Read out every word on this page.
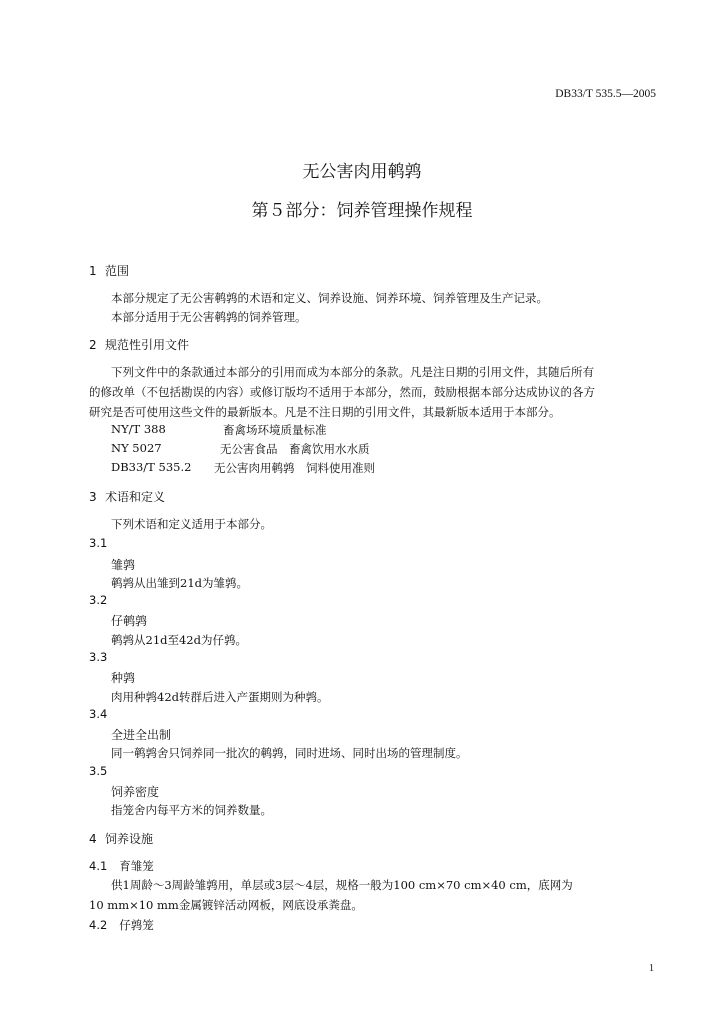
DB33/T 535.5—2005
无公害肉用鹌鹑
第５部分：饲养管理操作规程
1 范围
本部分规定了无公害鹌鹑的术语和定义、饲养设施、饲养环境、饲养管理及生产记录。
本部分适用于无公害鹌鹑的饲养管理。
2 规范性引用文件
下列文件中的条款通过本部分的引用而成为本部分的条款。凡是注日期的引用文件，其随后所有
的修改单（不包括勘误的内容）或修订版均不适用于本部分，然而，鼓励根据本部分达成协议的各方
研究是否可使用这些文件的最新版本。凡是不注日期的引用文件，其最新版本适用于本部分。
NY/T 388	畜禽场环境质量标准
NY 5027	无公害食品　畜禽饮用水水质
DB33/T 535.2 无公害肉用鹌鹑　饲料使用准则
3 术语和定义
下列术语和定义适用于本部分。
3.1
雏鹑
鹌鹑从出雏到21d为雏鹑。
3.2
仔鹌鹑
鹌鹑从21d至42d为仔鹑。
3.3
种鹑
肉用种鹑42d转群后进入产蛋期则为种鹑。
3.4
全进全出制
同一鹌鹑舍只饲养同一批次的鹌鹑，同时进场、同时出场的管理制度。
3.5
饲养密度
指笼舍内每平方米的饲养数量。
4 饲养设施
4.1 育雏笼
供1周龄～3周龄雏鹑用，单层或3层～4层，规格一般为100 cm×70 cm×40 cm，底网为
10 mm×10 mm金属镀锌活动网板，网底设承粪盘。
4.2 仔鹑笼
1
